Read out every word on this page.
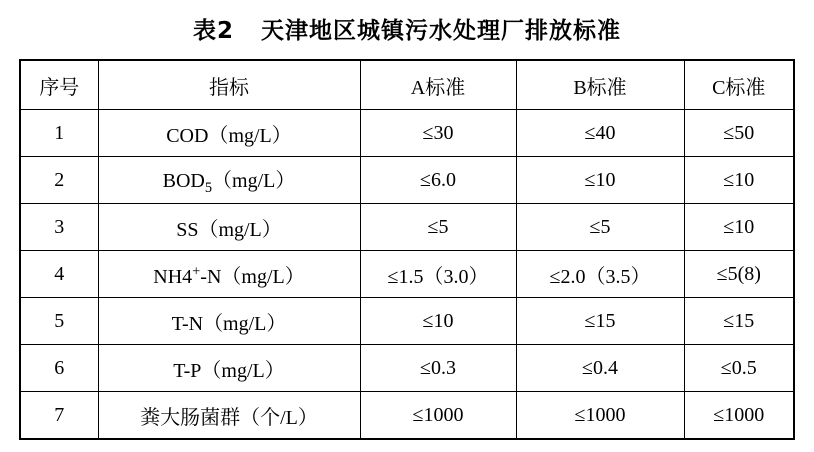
表2   天津地区城镇污水处理厂排放标准
序号	指标	A标准	B标准	C标准
1	COD（mg/L）	≤30	≤40	≤50
2	$BOD_5(mg/L)$	≤6.0	≤10	≤10
3	SS（mg/L）	≤5	≤5	≤10
4	NH4+-N（mg/L）	≤1.5（3.0）	≤2.0（3.5）	≤5(8)
5	T-N（mg/L）	≤10	≤15	≤15
6	T-P（mg/L）	≤0.3	≤0.4	≤0.5
7	粪大肠菌群（个/L）	≤1000	≤1000	≤1000
